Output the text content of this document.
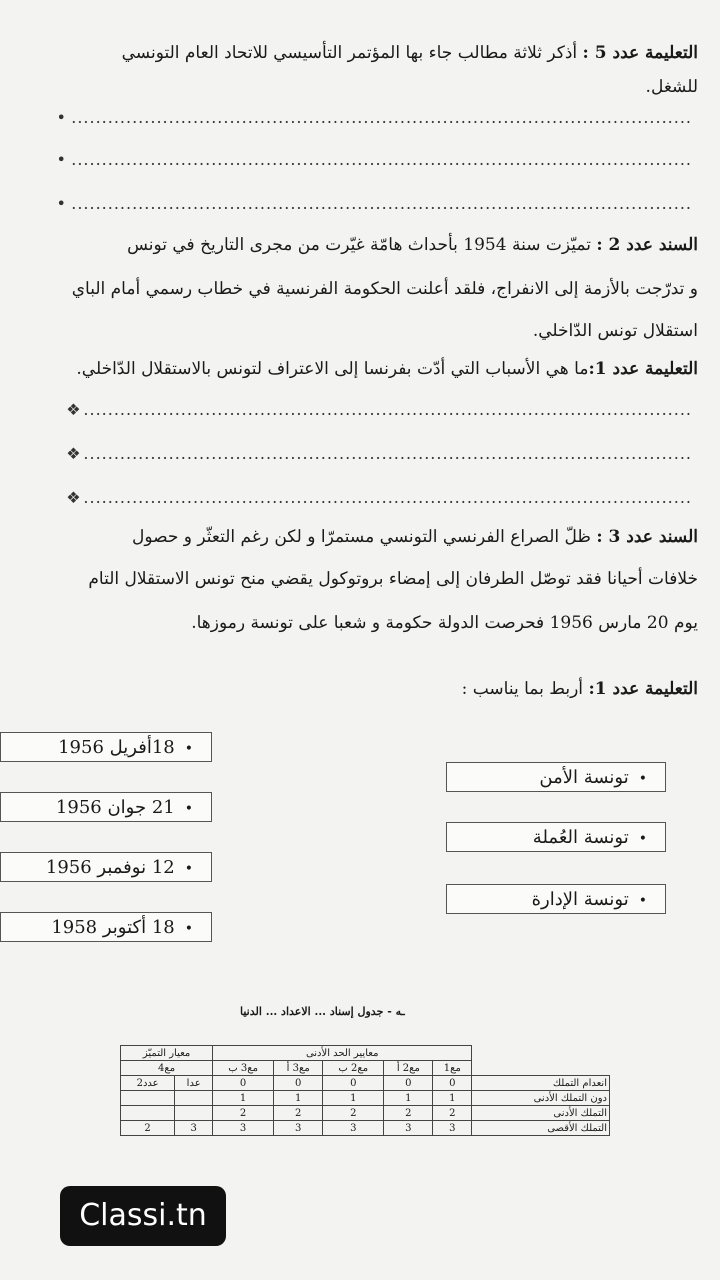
التعليمة عدد 5 : أذكر ثلاثة مطالب جاء بها المؤتمر التأسيسي للاتحاد العام التونسي
للشغل.
• ......................................................................................................
• ......................................................................................................
• ......................................................................................................
السند عدد 2 : تميّزت سنة 1954 بأحداث هامّة غيّرت من مجرى التاريخ في تونس
و تدرّجت بالأزمة إلى الانفراج، فلقد أعلنت الحكومة الفرنسية في خطاب رسمي أمام الباي
استقلال تونس الدّاخلي.
التعليمة عدد 1:ما هي الأسباب التي أدّت بفرنسا إلى الاعتراف لتونس بالاستقلال الدّاخلي.
❖ ....................................................................................................
❖ ....................................................................................................
❖ ....................................................................................................
السند عدد 3 : ظلّ الصراع الفرنسي التونسي مستمرّا و لكن رغم التعثّر و حصول
خلافات أحيانا فقد توصّل الطرفان إلى إمضاء بروتوكول يقضي منح تونس الاستقلال التام
يوم 20 مارس 1956 فحرصت الدولة حكومة و شعبا على تونسة رموزها.
التعليمة عدد 1: أربط بما يناسب :
•18أفريل 1956
•21 جوان 1956
•12 نوفمبر 1956
•18 أكتوبر 1958
•تونسة الأمن
•تونسة العُملة
•تونسة الإدارة
ـه - جدول إسناد ... الاعداد ... الدنيا
	معايير الحد الأدنى					معيار التميّز	
	مع1	مع2 أ	مع2 ب	مع3 أ	مع3 ب	مع4	
انعدام التملك	0	0	0	0	0	عدا	عدد2
دون التملك الأدنى	1	1	1	1	1		
التملك الأدنى	2	2	2	2	2		
التملك الأقصى	3	3	3	3	3	3	2
Classi.tn
